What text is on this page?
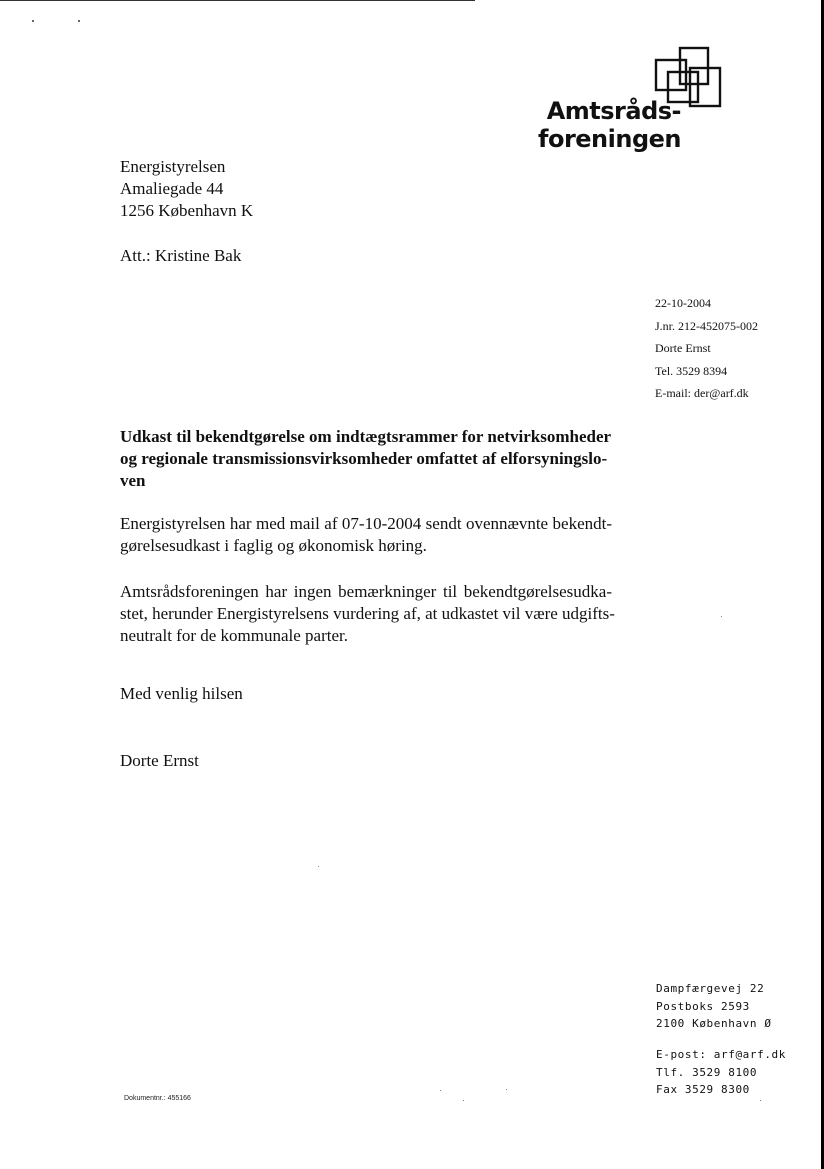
Amtsråds-
foreningen
Energistyrelsen
Amaliegade 44
1256 København K
Att.: Kristine Bak
22-10-2004
J.nr. 212-452075-002
Dorte Ernst
Tel. 3529 8394
E-mail: der@arf.dk
Udkast til bekendtgørelse om indtægtsrammer for netvirksomheder
og regionale transmissionsvirksomheder omfattet af elforsyningslo-
ven
Energistyrelsen har med mail af 07-10-2004 sendt ovennævnte bekendt-
gørelsesudkast i faglig og økonomisk høring.
Amtsrådsforeningen har ingen bemærkninger til bekendtgørelsesudka-
stet, herunder Energistyrelsens vurdering af, at udkastet vil være udgifts-
neutralt for de kommunale parter.
Med venlig hilsen
Dorte Ernst
Dampfærgevej 22
Postboks 2593
2100 København Ø
E-post: arf@arf.dk
Tlf. 3529 8100
Fax 3529 8300
Dokumentnr.: 455166
